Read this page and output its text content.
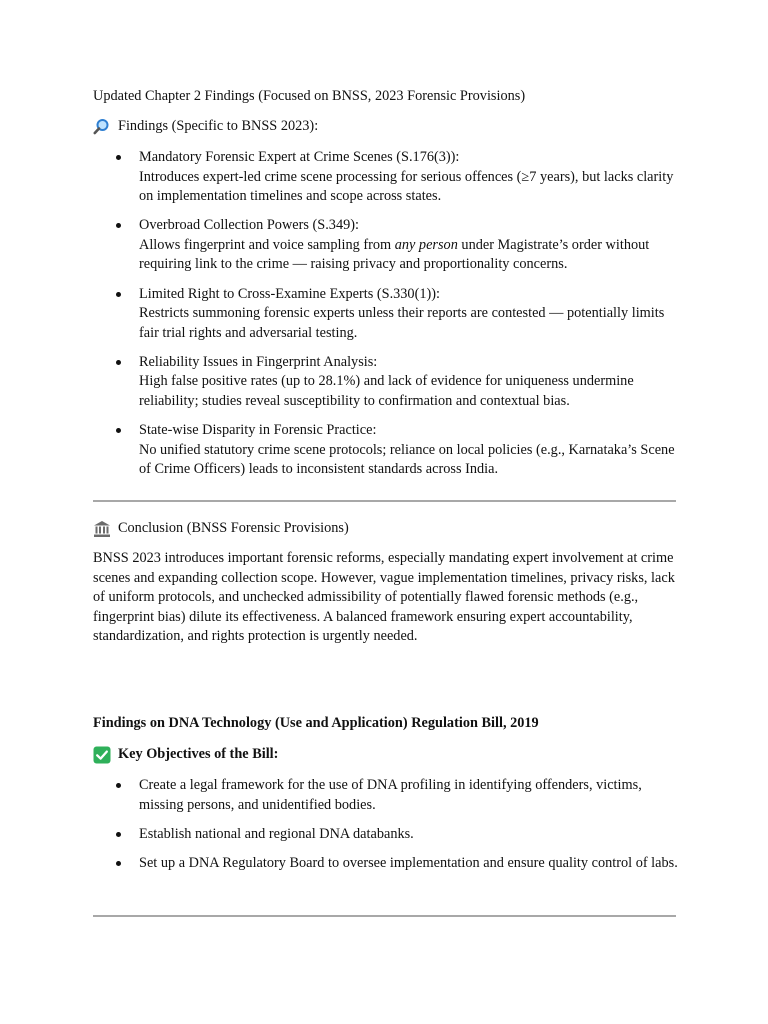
Updated Chapter 2 Findings (Focused on BNSS, 2023 Forensic Provisions)
Findings (Specific to BNSS 2023):
Mandatory Forensic Expert at Crime Scenes (S.176(3)):
Introduces expert-led crime scene processing for serious offences (≥7 years), but lacks clarity on implementation timelines and scope across states.
Overbroad Collection Powers (S.349):
Allows fingerprint and voice sampling from any person under Magistrate’s order without requiring link to the crime — raising privacy and proportionality concerns.
Limited Right to Cross-Examine Experts (S.330(1)):
Restricts summoning forensic experts unless their reports are contested — potentially limits fair trial rights and adversarial testing.
Reliability Issues in Fingerprint Analysis:
High false positive rates (up to 28.1%) and lack of evidence for uniqueness undermine reliability; studies reveal susceptibility to confirmation and contextual bias.
State-wise Disparity in Forensic Practice:
No unified statutory crime scene protocols; reliance on local policies (e.g., Karnataka’s Scene of Crime Officers) leads to inconsistent standards across India.
Conclusion (BNSS Forensic Provisions)

BNSS 2023 introduces important forensic reforms, especially mandating expert involvement at crime scenes and expanding collection scope. However, vague implementation timelines, privacy risks, lack of uniform protocols, and unchecked admissibility of potentially flawed forensic methods (e.g., fingerprint bias) dilute its effectiveness. A balanced framework ensuring expert accountability, standardization, and rights protection is urgently needed.

Findings on DNA Technology (Use and Application) Regulation Bill, 2019
Key Objectives of the Bill:
Create a legal framework for the use of DNA profiling in identifying offenders, victims, missing persons, and unidentified bodies.
Establish national and regional DNA databanks.
Set up a DNA Regulatory Board to oversee implementation and ensure quality control of labs.
